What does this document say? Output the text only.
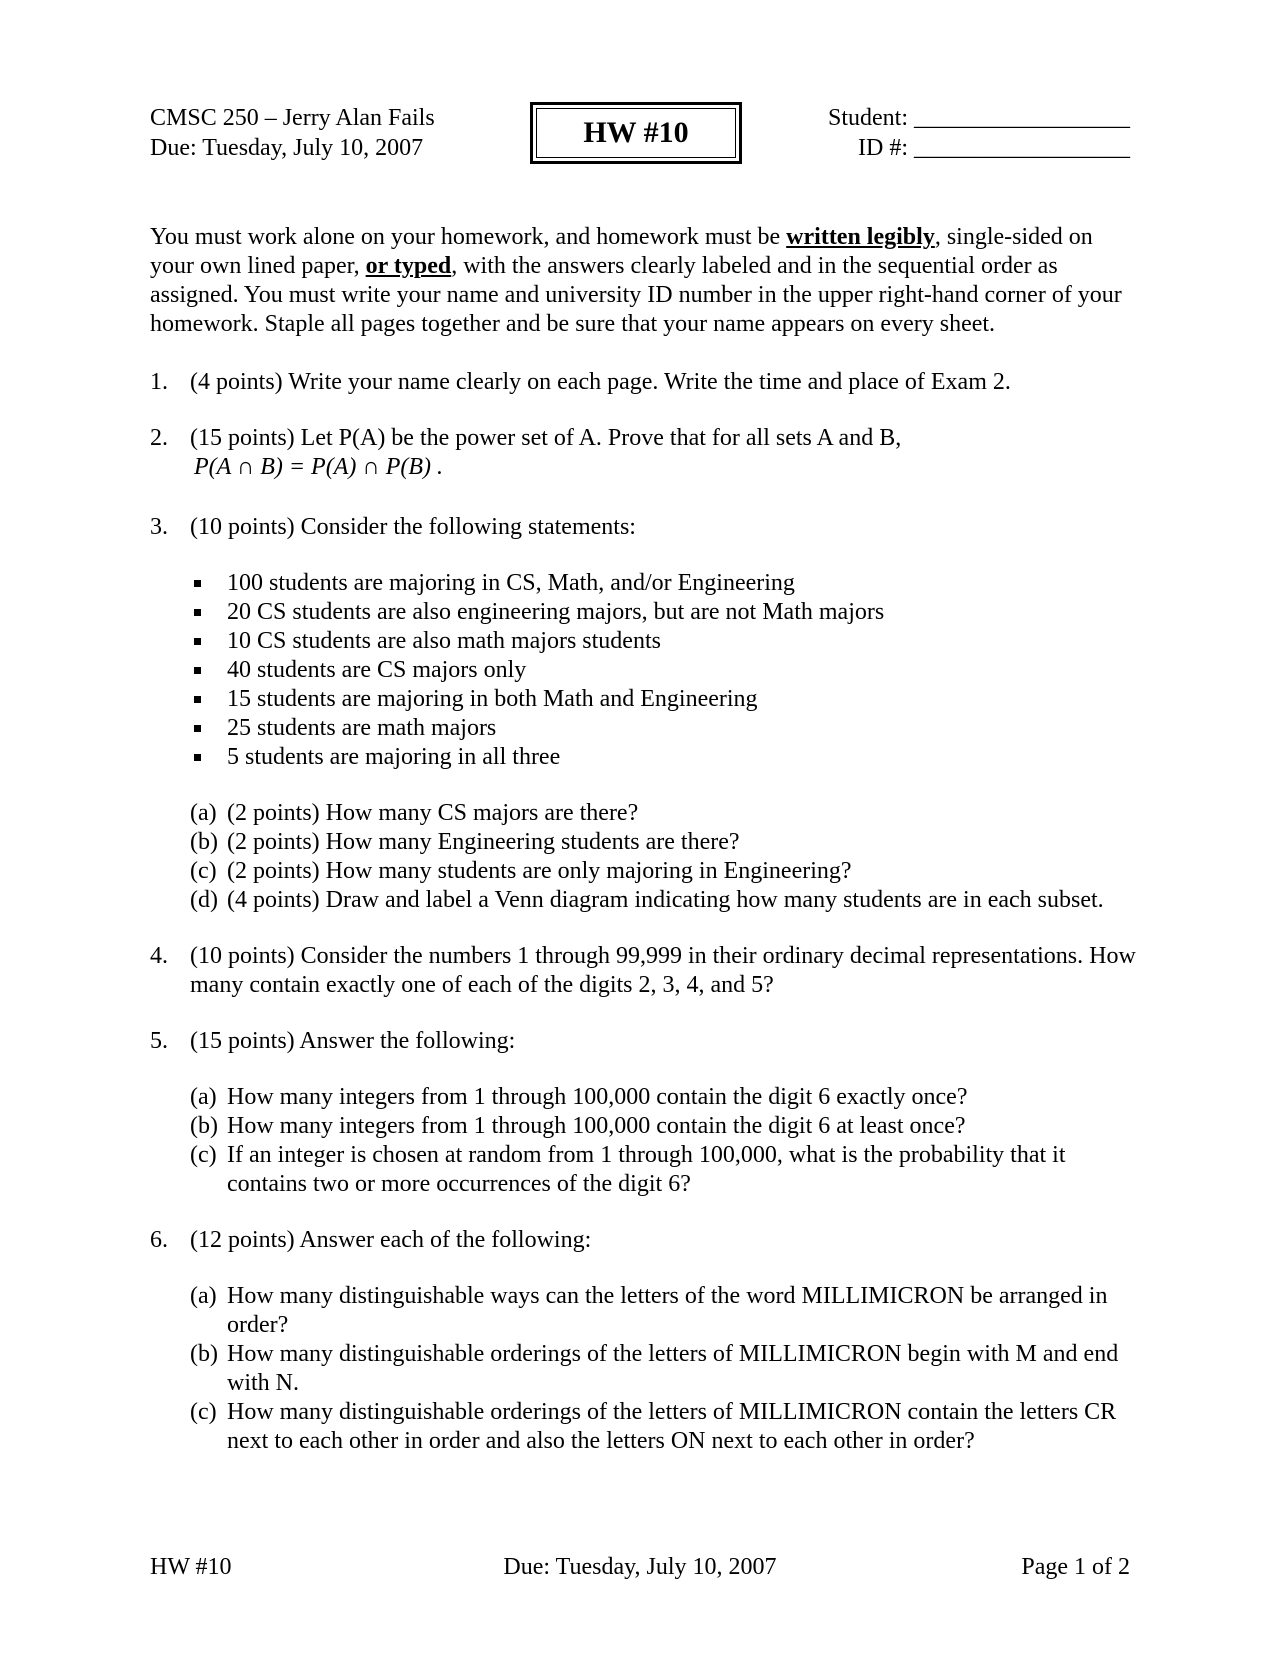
CMSC 250 – Jerry Alan Fails
Due: Tuesday, July 10, 2007	HW #10	Student: __________________
ID #: __________________

You must work alone on your homework, and homework must be written legibly, single-sided on your own lined paper, or typed, with the answers clearly labeled and in the sequential order as assigned. You must write your name and university ID number in the upper right-hand corner of your homework. Staple all pages together and be sure that your name appears on every sheet.

1. (4 points) Write your name clearly on each page. Write the time and place of Exam 2.
2. (15 points) Let P(A) be the power set of A. Prove that for all sets A and B,
P(A ∩ B) = P(A) ∩ P(B) .
3. (10 points) Consider the following statements:
100 students are majoring in CS, Math, and/or Engineering
20 CS students are also engineering majors, but are not Math majors
10 CS students are also math majors students
40 students are CS majors only
15 students are majoring in both Math and Engineering
25 students are math majors
5 students are majoring in all three
(a) (2 points) How many CS majors are there?
(b) (2 points) How many Engineering students are there?
(c) (2 points) How many students are only majoring in Engineering?
(d) (4 points) Draw and label a Venn diagram indicating how many students are in each subset.
4. (10 points) Consider the numbers 1 through 99,999 in their ordinary decimal representations. How many contain exactly one of each of the digits 2, 3, 4, and 5?
5. (15 points) Answer the following:
(a) How many integers from 1 through 100,000 contain the digit 6 exactly once?
(b) How many integers from 1 through 100,000 contain the digit 6 at least once?
(c) If an integer is chosen at random from 1 through 100,000, what is the probability that it contains two or more occurrences of the digit 6?
6. (12 points) Answer each of the following:
(a) How many distinguishable ways can the letters of the word MILLIMICRON be arranged in order?
(b) How many distinguishable orderings of the letters of MILLIMICRON begin with M and end with N.
(c) How many distinguishable orderings of the letters of MILLIMICRON contain the letters CR next to each other in order and also the letters ON next to each other in order?
HW #10	Due: Tuesday, July 10, 2007	Page 1 of 2
